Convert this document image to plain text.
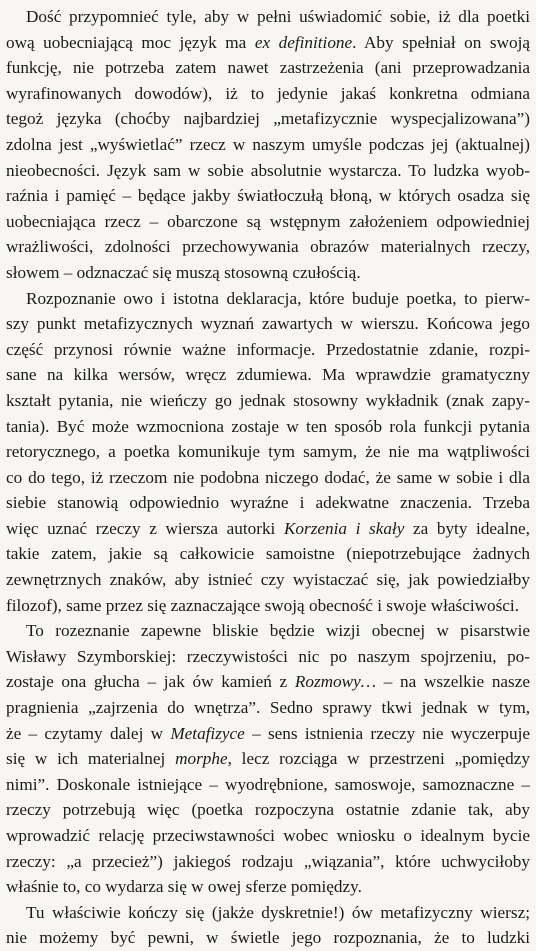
Dość przypomnieć tyle, aby w pełni uświadomić sobie, iż dla poetki
ową uobecniającą moc język ma ex definitione. Aby spełniał on swoją
funkcję, nie potrzeba zatem nawet zastrzeżenia (ani przeprowadzania
wyrafinowanych dowodów), iż to jedynie jakaś konkretna odmiana
tegoż języka (choćby najbardziej „metafizycznie wyspecjalizowana”)
zdolna jest „wyświetlać” rzecz w naszym umyśle podczas jej (aktualnej)
nieobecności. Język sam w sobie absolutnie wystarcza. To ludzka wyob-
raźnia i pamięć – będące jakby światłoczułą błoną, w których osadza się
uobecniająca rzecz – obarczone są wstępnym założeniem odpowiedniej
wrażliwości, zdolności przechowywania obrazów materialnych rzeczy,
słowem – odznaczać się muszą stosowną czułością.
Rozpoznanie owo i istotna deklaracja, które buduje poetka, to pierw-
szy punkt metafizycznych wyznań zawartych w wierszu. Końcowa jego
część przynosi równie ważne informacje. Przedostatnie zdanie, rozpi-
sane na kilka wersów, wręcz zdumiewa. Ma wprawdzie gramatyczny
kształt pytania, nie wieńczy go jednak stosowny wykładnik (znak zapy-
tania). Być może wzmocniona zostaje w ten sposób rola funkcji pytania
retorycznego, a poetka komunikuje tym samym, że nie ma wątpliwości
co do tego, iż rzeczom nie podobna niczego dodać, że same w sobie i dla
siebie stanowią odpowiednio wyraźne i adekwatne znaczenia. Trzeba
więc uznać rzeczy z wiersza autorki Korzenia i skały za byty idealne,
takie zatem, jakie są całkowicie samoistne (niepotrzebujące żadnych
zewnętrznych znaków, aby istnieć czy wyistaczać się, jak powiedziałby
filozof), same przez się zaznaczające swoją obecność i swoje właściwości.
To rozeznanie zapewne bliskie będzie wizji obecnej w pisarstwie
Wisławy Szymborskiej: rzeczywistości nic po naszym spojrzeniu, po-
zostaje ona głucha – jak ów kamień z Rozmowy… – na wszelkie nasze
pragnienia „zajrzenia do wnętrza”. Sedno sprawy tkwi jednak w tym,
że – czytamy dalej w Metafizyce – sens istnienia rzeczy nie wyczerpuje
się w ich materialnej morphe, lecz rozciąga w przestrzeni „pomiędzy
nimi”. Doskonale istniejące – wyodrębnione, samoswoje, samoznaczne –
rzeczy potrzebują więc (poetka rozpoczyna ostatnie zdanie tak, aby
wprowadzić relację przeciwstawności wobec wniosku o idealnym bycie
rzeczy: „a przecież”) jakiegoś rodzaju „wiązania”, które uchwyciłoby
właśnie to, co wydarza się w owej sferze pomiędzy.
Tu właściwie kończy się (jakże dyskretnie!) ów metafizyczny wiersz;
nie możemy być pewni, w świetle jego rozpoznania, że to ludzki
